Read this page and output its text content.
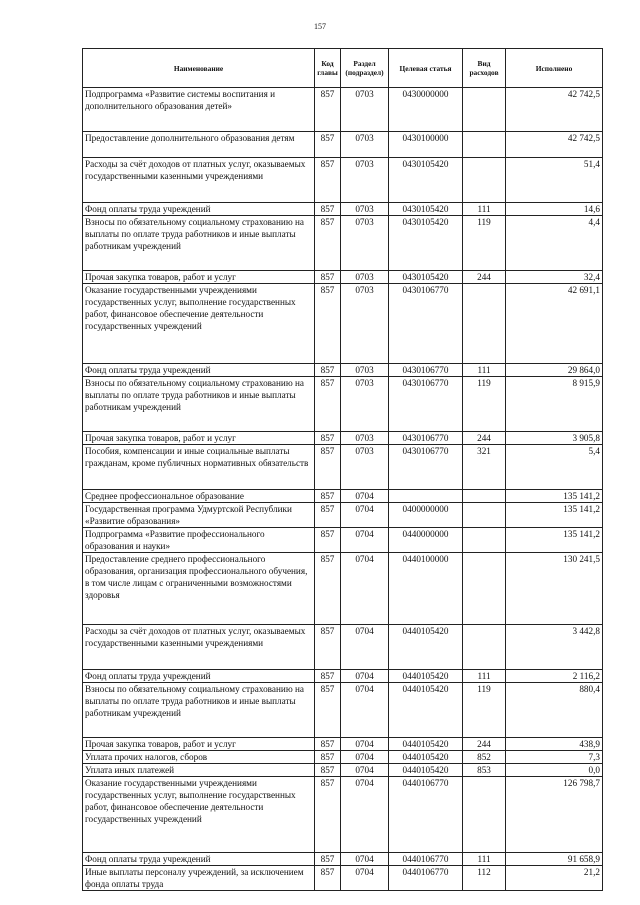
157
Наименование	Код главы	Раздел (подраздел)	Целевая статья	Вид расходов	Исполнено
Подпрограмма «Развитие системы воспитания и дополнительного образования детей»	857	0703	0430000000		42 742,5
Предоставление дополнительного образования детям	857	0703	0430100000		42 742,5
Расходы за счёт доходов от платных услуг, оказываемых государственными казенными учреждениями	857	0703	0430105420		51,4
Фонд оплаты труда учреждений	857	0703	0430105420	111	14,6
Взносы по обязательному социальному страхованию на выплаты по оплате труда работников и иные выплаты работникам учреждений	857	0703	0430105420	119	4,4
Прочая закупка товаров, работ и услуг	857	0703	0430105420	244	32,4
Оказание государственными учреждениями государственных услуг, выполнение государственных работ, финансовое обеспечение деятельности государственных учреждений	857	0703	0430106770		42 691,1
Фонд оплаты труда учреждений	857	0703	0430106770	111	29 864,0
Взносы по обязательному социальному страхованию на выплаты по оплате труда работников и иные выплаты работникам учреждений	857	0703	0430106770	119	8 915,9
Прочая закупка товаров, работ и услуг	857	0703	0430106770	244	3 905,8
Пособия, компенсации и иные социальные выплаты гражданам, кроме публичных нормативных обязательств	857	0703	0430106770	321	5,4
Среднее профессиональное образование	857	0704			135 141,2
Государственная программа Удмуртской Республики «Развитие образования»	857	0704	0400000000		135 141,2
Подпрограмма «Развитие профессионального образования и науки»	857	0704	0440000000		135 141,2
Предоставление среднего профессионального образования, организация профессионального обучения, в том числе лицам с ограниченными возможностями здоровья	857	0704	0440100000		130 241,5
Расходы за счёт доходов от платных услуг, оказываемых государственными казенными учреждениями	857	0704	0440105420		3 442,8
Фонд оплаты труда учреждений	857	0704	0440105420	111	2 116,2
Взносы по обязательному социальному страхованию на выплаты по оплате труда работников и иные выплаты работникам учреждений	857	0704	0440105420	119	880,4
Прочая закупка товаров, работ и услуг	857	0704	0440105420	244	438,9
Уплата прочих налогов, сборов	857	0704	0440105420	852	7,3
Уплата иных платежей	857	0704	0440105420	853	0,0
Оказание государственными учреждениями государственных услуг, выполнение государственных работ, финансовое обеспечение деятельности государственных учреждений	857	0704	0440106770		126 798,7
Фонд оплаты труда учреждений	857	0704	0440106770	111	91 658,9
Иные выплаты персоналу учреждений, за исключением фонда оплаты труда	857	0704	0440106770	112	21,2
